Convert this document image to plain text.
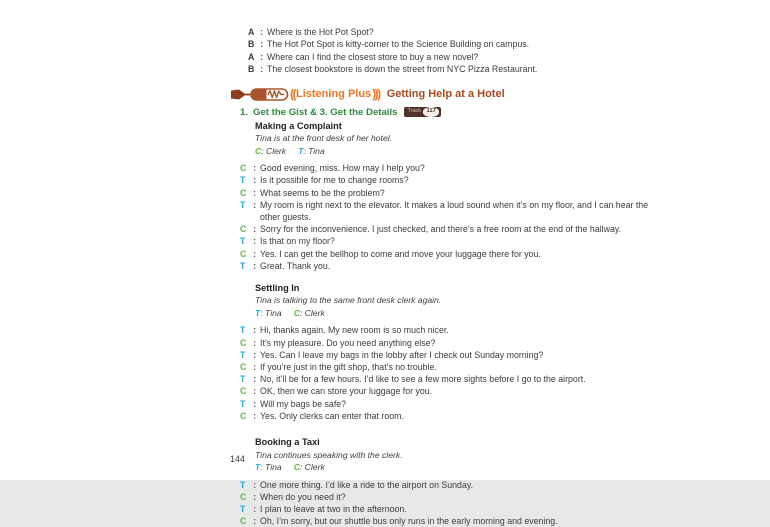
A : Where is the Hot Pot Spot?
B : The Hot Pot Spot is kitty-corner to the Science Building on campus.
A : Where can I find the closest store to buy a new novel?
B : The closest bookstore is down the street from NYC Pizza Restaurant.
(( Listening Plus ))) Getting Help at a Hotel
1. Get the Gist & 3. Get the Details Track 117
Making a Complaint
Tina is at the front desk of her hotel.
C: Clerk T: Tina
C : Good evening, miss. How may I help you?
T : Is it possible for me to change rooms?
C : What seems to be the problem?
T : My room is right next to the elevator. It makes a loud sound when it’s on my floor, and I can hear the other guests.
C : Sorry for the inconvenience. I just checked, and there’s a free room at the end of the hallway.
T : Is that on my floor?
C : Yes. I can get the bellhop to come and move your luggage there for you.
T : Great. Thank you.
Settling In
Tina is talking to the same front desk clerk again.
T: Tina C: Clerk
T : Hi, thanks again. My new room is so much nicer.
C : It’s my pleasure. Do you need anything else?
T : Yes. Can I leave my bags in the lobby after I check out Sunday morning?
C : If you’re just in the gift shop, that’s no trouble.
T : No, it’ll be for a few hours. I’d like to see a few more sights before I go to the airport.
C : OK, then we can store your luggage for you.
T : Will my bags be safe?
C : Yes. Only clerks can enter that room.
Booking a Taxi
Tina continues speaking with the clerk.
T: Tina C: Clerk
T : One more thing. I’d like a ride to the airport on Sunday.
C : When do you need it?
T : I plan to leave at two in the afternoon.
C : Oh, I’m sorry, but our shuttle bus only runs in the early morning and evening.
144
